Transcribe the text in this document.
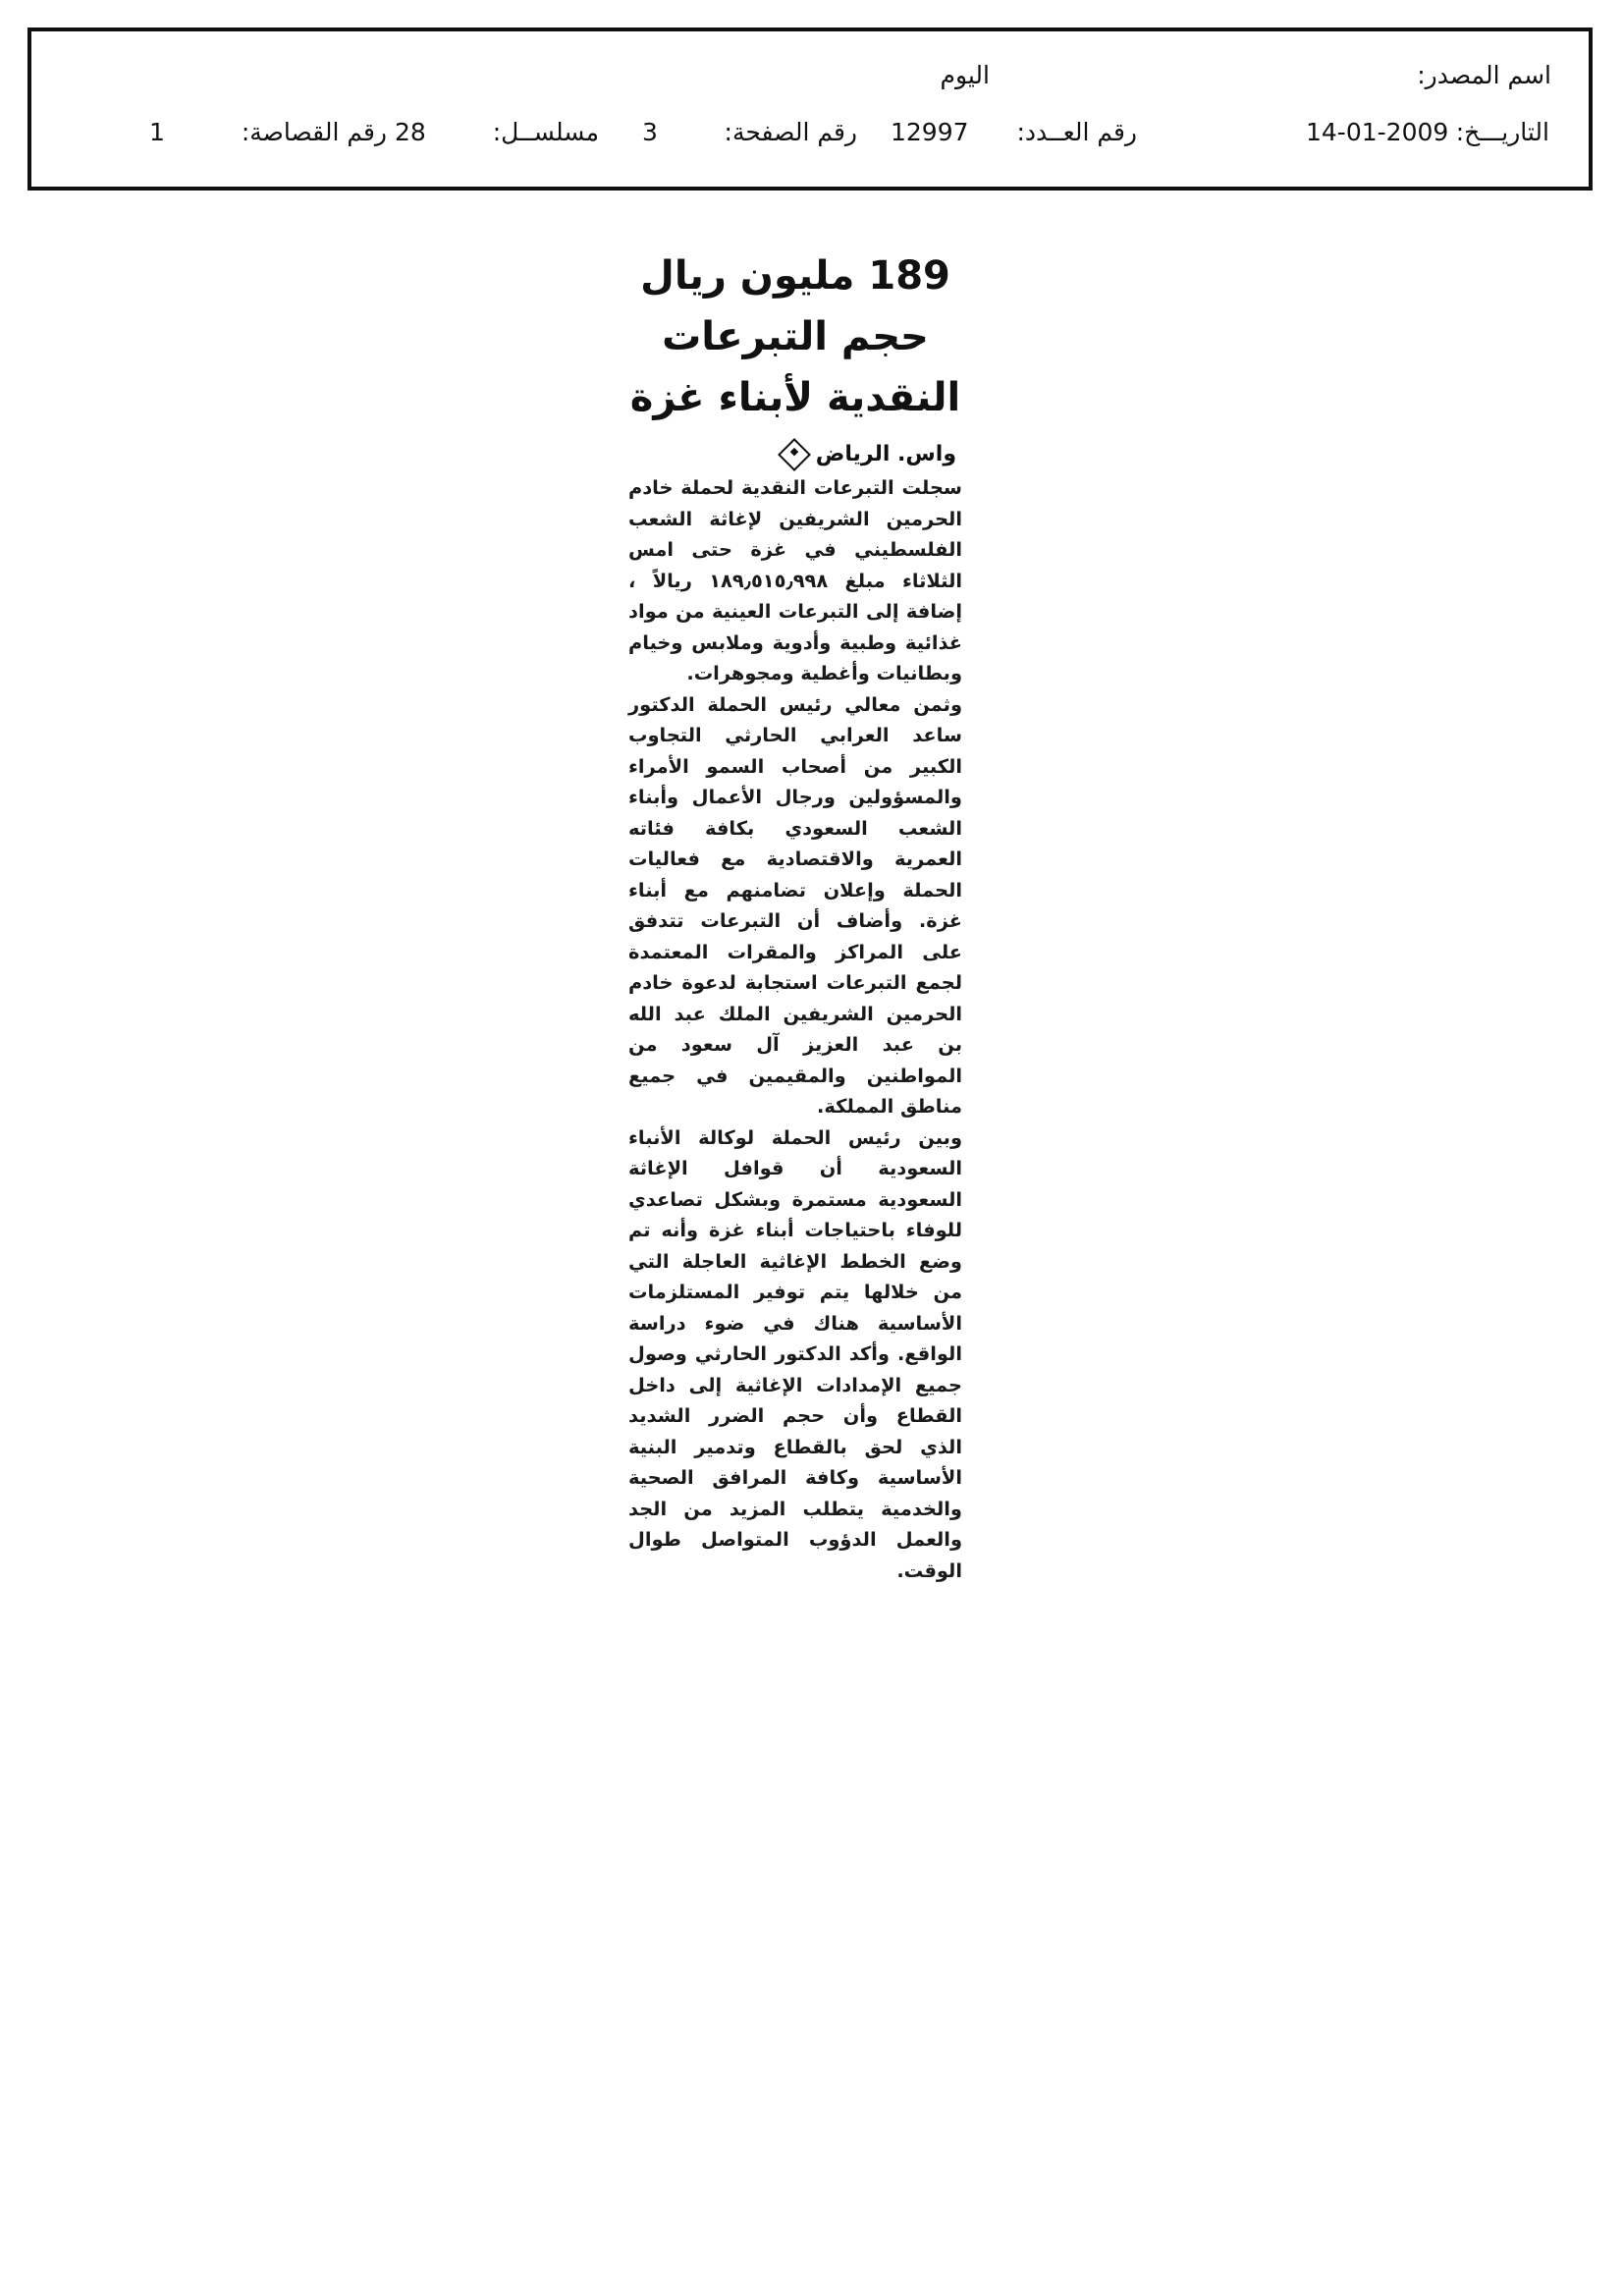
اسم المصدر:
اليوم
التاريـــخ:
14-01-2009
رقم العــدد:
12997
رقم الصفحة:
3
مسلســل:
28
رقم القصاصة:
1
189 مليون ريال
حجم التبرعات
النقدية لأبناء غزة
واس. الرياض

سجلت التبرعات النقدية لحملة خادم الحرمين الشريفين لإغاثة الشعب الفلسطيني في غزة حتى امس الثلاثاء مبلغ ١٨٩٫٥١٥٫٩٩٨ ريالاً ، إضافة إلى التبرعات العينية من مواد غذائية وطبية وأدوية وملابس وخيام وبطانيات وأغطية ومجوهرات.

وثمن معالي رئيس الحملة الدكتور ساعد العرابي الحارثي التجاوب الكبير من أصحاب السمو الأمراء والمسؤولين ورجال الأعمال وأبناء الشعب السعودي بكافة فئاته العمرية والاقتصادية مع فعاليات الحملة وإعلان تضامنهم مع أبناء غزة. وأضاف أن التبرعات تتدفق على المراكز والمقرات المعتمدة لجمع التبرعات استجابة لدعوة خادم الحرمين الشريفين الملك عبد الله بن عبد العزيز آل سعود من المواطنين والمقيمين في جميع مناطق المملكة.

وبين رئيس الحملة لوكالة الأنباء السعودية أن قوافل الإغاثة السعودية مستمرة وبشكل تصاعدي للوفاء باحتياجات أبناء غزة وأنه تم وضع الخطط الإغاثية العاجلة التي من خلالها يتم توفير المستلزمات الأساسية هناك في ضوء دراسة الواقع. وأكد الدكتور الحارثي وصول جميع الإمدادات الإغاثية إلى داخل القطاع وأن حجم الضرر الشديد الذي لحق بالقطاع وتدمير البنية الأساسية وكافة المرافق الصحية والخدمية يتطلب المزيد من الجد والعمل الدؤوب المتواصل طوال الوقت.
